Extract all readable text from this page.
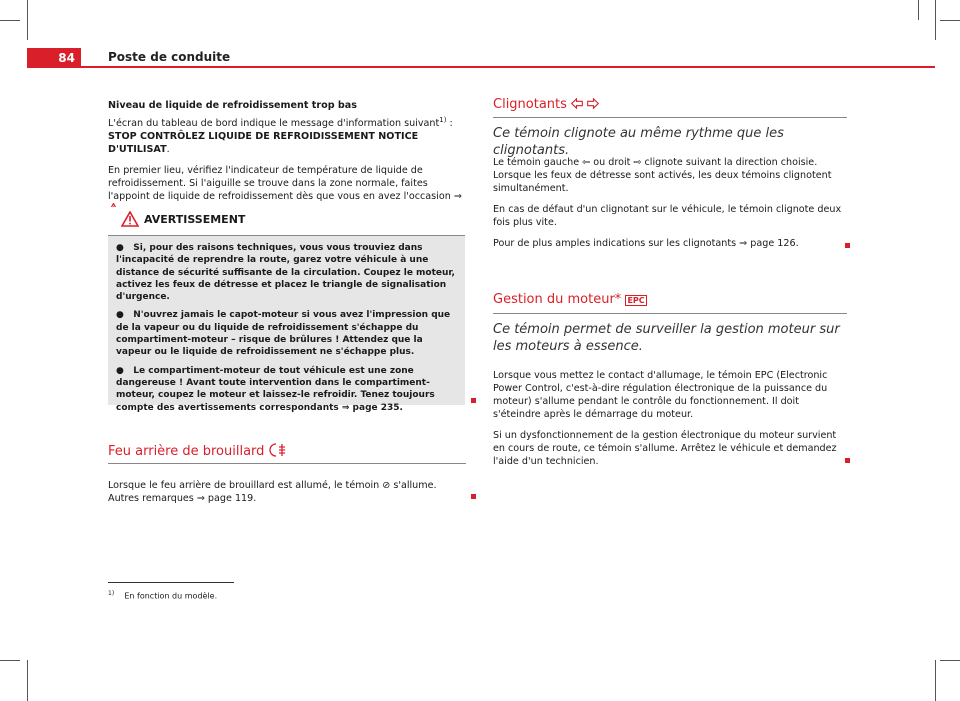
84	Poste de conduite

Niveau de liquide de refroidissement trop bas

L'écran du tableau de bord indique le message d'information suivant$^{1)}$ :
STOP CONTRÔLEZ LIQUIDE DE REFROIDISSEMENT NOTICE D'UTILISAT.

En premier lieu, vérifiez l'indicateur de température de liquide de refroidissement. Si l'aiguille se trouve dans la zone normale, faites l'appoint de liquide de refroidissement dès que vous en avez l'occasion ⇒

AVERTISSEMENT
●   Si, pour des raisons techniques, vous vous trouviez dans l'incapacité de reprendre la route, garez votre véhicule à une distance de sécurité suffisante de la circulation. Coupez le moteur, activez les feux de détresse et placez le triangle de signalisation d'urgence.
●   N'ouvrez jamais le capot-moteur si vous avez l'impression que de la vapeur ou du liquide de refroidissement s'échappe du compartiment-moteur – risque de brûlures ! Attendez que la vapeur ou le liquide de refroidissement ne s'échappe plus.
●   Le compartiment-moteur de tout véhicule est une zone dangereuse ! Avant toute intervention dans le compartiment-moteur, coupez le moteur et laissez-le refroidir. Tenez toujours compte des avertissements correspondants ⇒ page 235.
Feu arrière de brouillard
Lorsque le feu arrière de brouillard est allumé, le témoin ⊘ s'allume. Autres remarques ⇒ page 119.
Clignotants
Ce témoin clignote au même rythme que les clignotants.

Le témoin gauche ⇦ ou droit ⇨ clignote suivant la direction choisie. Lorsque les feux de détresse sont activés, les deux témoins clignotent simultanément.

En cas de défaut d'un clignotant sur le véhicule, le témoin clignote deux fois plus vite.

Pour de plus amples indications sur les clignotants ⇒ page 126.

Gestion du moteur* EPC
Ce témoin permet de surveiller la gestion moteur sur les moteurs à essence.

Lorsque vous mettez le contact d'allumage, le témoin EPC (Electronic Power Control, c'est-à-dire régulation électronique de la puissance du moteur) s'allume pendant le contrôle du fonctionnement. Il doit s'éteindre après le démarrage du moteur.

Si un dysfonctionnement de la gestion électronique du moteur survient en cours de route, ce témoin s'allume. Arrêtez le véhicule et demandez l'aide d'un technicien.

$^{1)}$ En fonction du modèle.
